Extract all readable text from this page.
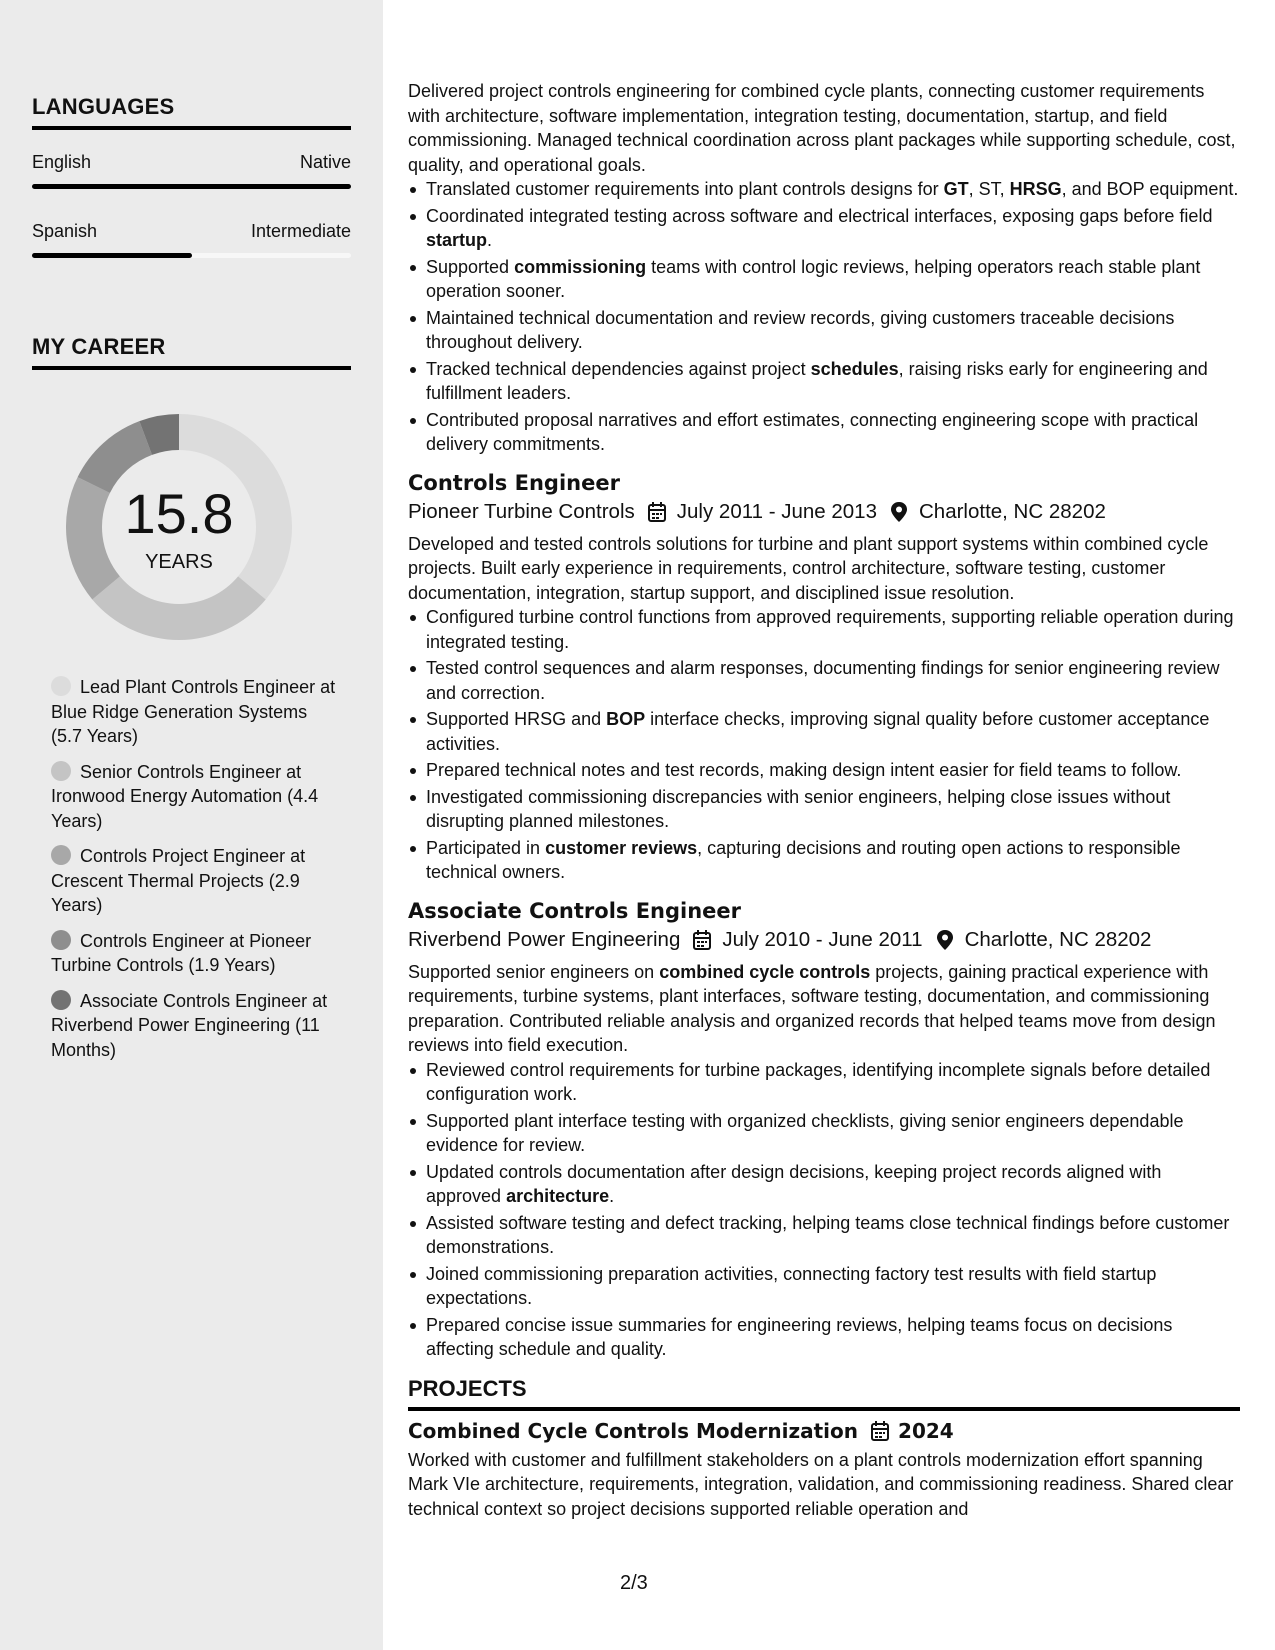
LANGUAGES
English	Native
Spanish	Intermediate
MY CAREER
15.8
YEARS
Lead Plant Controls Engineer at Blue Ridge Generation Systems (5.7 Years)
Senior Controls Engineer at Ironwood Energy Automation (4.4 Years)
Controls Project Engineer at Crescent Thermal Projects (2.9 Years)
Controls Engineer at Pioneer Turbine Controls (1.9 Years)
Associate Controls Engineer at Riverbend Power Engineering (11 Months)

Delivered project controls engineering for combined cycle plants, connecting customer requirements with architecture, software implementation, integration testing, documentation, startup, and field commissioning. Managed technical coordination across plant packages while supporting schedule, cost, quality, and operational goals.

Translated customer requirements into plant controls designs for GT, ST, HRSG, and BOP equipment.
Coordinated integrated testing across software and electrical interfaces, exposing gaps before field startup.
Supported commissioning teams with control logic reviews, helping operators reach stable plant operation sooner.
Maintained technical documentation and review records, giving customers traceable decisions throughout delivery.
Tracked technical dependencies against project schedules, raising risks early for engineering and fulfillment leaders.
Contributed proposal narratives and effort estimates, connecting engineering scope with practical delivery commitments.
Controls Engineer
Pioneer Turbine Controls July 2011 - June 2013 Charlotte, NC 28202

Developed and tested controls solutions for turbine and plant support systems within combined cycle projects. Built early experience in requirements, control architecture, software testing, customer documentation, integration, startup support, and disciplined issue resolution.

Configured turbine control functions from approved requirements, supporting reliable operation during integrated testing.
Tested control sequences and alarm responses, documenting findings for senior engineering review and correction.
Supported HRSG and BOP interface checks, improving signal quality before customer acceptance activities.
Prepared technical notes and test records, making design intent easier for field teams to follow.
Investigated commissioning discrepancies with senior engineers, helping close issues without disrupting planned milestones.
Participated in customer reviews, capturing decisions and routing open actions to responsible technical owners.
Associate Controls Engineer
Riverbend Power Engineering July 2010 - June 2011 Charlotte, NC 28202

Supported senior engineers on combined cycle controls projects, gaining practical experience with requirements, turbine systems, plant interfaces, software testing, documentation, and commissioning preparation. Contributed reliable analysis and organized records that helped teams move from design reviews into field execution.

Reviewed control requirements for turbine packages, identifying incomplete signals before detailed configuration work.
Supported plant interface testing with organized checklists, giving senior engineers dependable evidence for review.
Updated controls documentation after design decisions, keeping project records aligned with approved architecture.
Assisted software testing and defect tracking, helping teams close technical findings before customer demonstrations.
Joined commissioning preparation activities, connecting factory test results with field startup expectations.
Prepared concise issue summaries for engineering reviews, helping teams focus on decisions affecting schedule and quality.
PROJECTS
Combined Cycle Controls Modernization 2024

Worked with customer and fulfillment stakeholders on a plant controls modernization effort spanning Mark VIe architecture, requirements, integration, validation, and commissioning readiness. Shared clear technical context so project decisions supported reliable operation and

2/3
